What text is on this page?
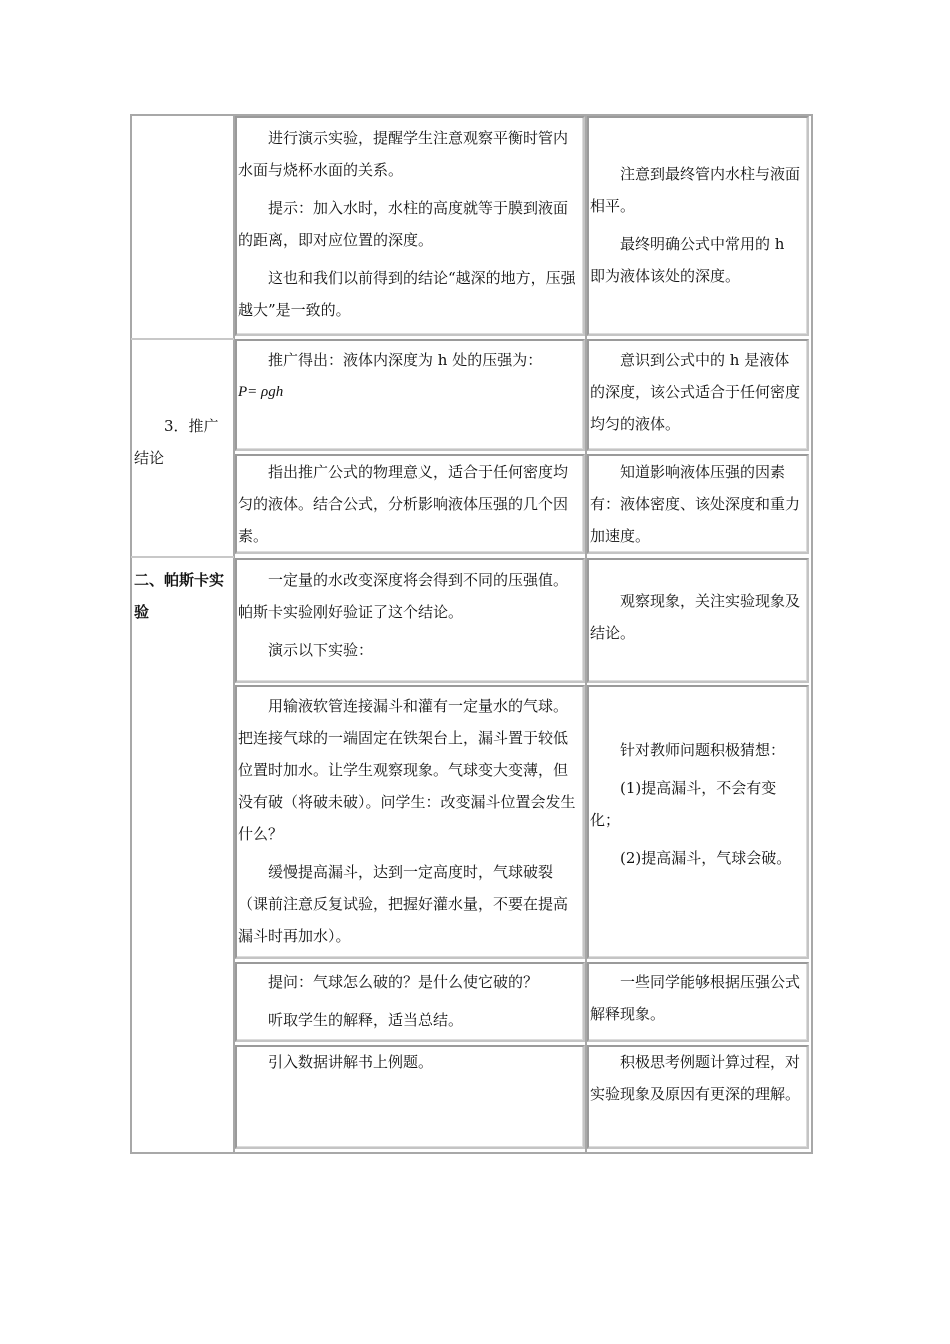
进行演示实验，提醒学生注意观察平衡时管内水面与烧杯水面的关系。

提示：加入水时，水柱的高度就等于膜到液面的距离，即对应位置的深度。

这也和我们以前得到的结论“越深的地方，压强越大”是一致的。

注意到最终管内水柱与液面相平。

最终明确公式中常用的 h 即为液体该处的深度。

3．推广结论

推广得出：液体内深度为 h 处的压强为：

P= ρgh

意识到公式中的 h 是液体的深度，该公式适合于任何密度均匀的液体。

指出推广公式的物理意义，适合于任何密度均匀的液体。结合公式，分析影响液体压强的几个因素。

知道影响液体压强的因素有：液体密度、该处深度和重力加速度。

二、帕斯卡实验

一定量的水改变深度将会得到不同的压强值。帕斯卡实验刚好验证了这个结论。

演示以下实验：

观察现象，关注实验现象及结论。

用输液软管连接漏斗和灌有一定量水的气球。把连接气球的一端固定在铁架台上，漏斗置于较低位置时加水。让学生观察现象。气球变大变薄，但没有破（将破未破）。问学生：改变漏斗位置会发生什么？

缓慢提高漏斗，达到一定高度时，气球破裂（课前注意反复试验，把握好灌水量，不要在提高漏斗时再加水）。

针对教师问题积极猜想：

(1)提高漏斗，不会有变化；

(2)提高漏斗，气球会破。

提问：气球怎么破的？是什么使它破的？

听取学生的解释，适当总结。

一些同学能够根据压强公式解释现象。

引入数据讲解书上例题。	积极思考例题计算过程，对实验现象及原因有更深的理解。
